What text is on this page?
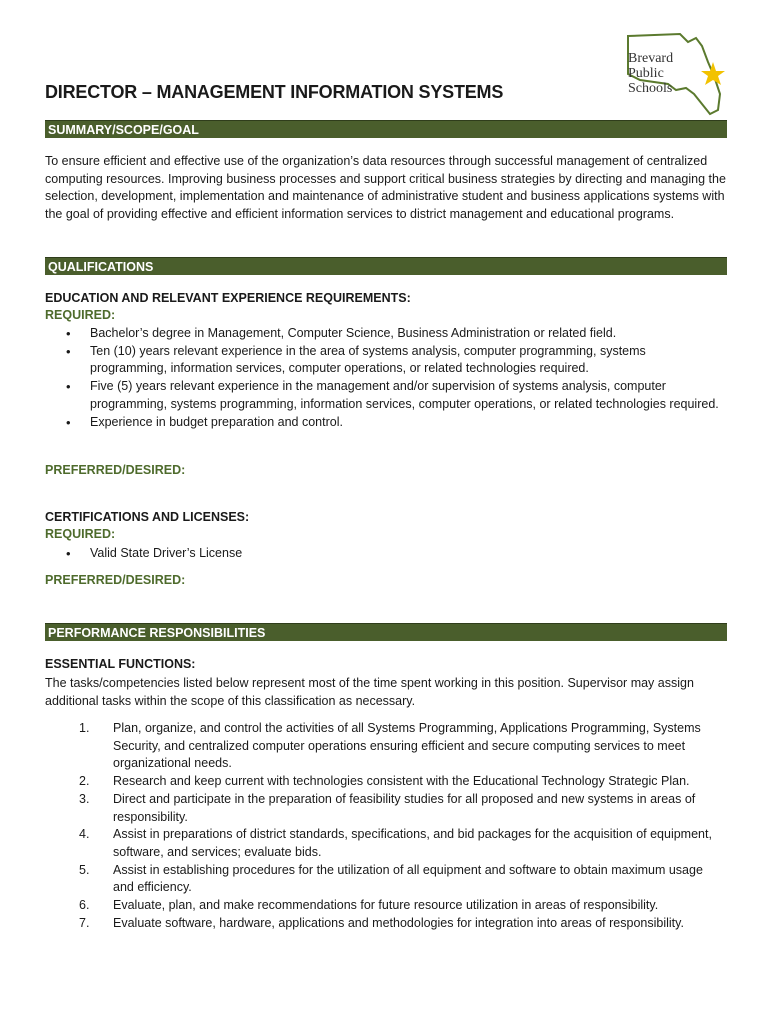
DIRECTOR – MANAGEMENT INFORMATION SYSTEMS
Brevard
Public
Schools
SUMMARY/SCOPE/GOAL
To ensure efficient and effective use of the organization’s data resources through successful management of centralized computing resources. Improving business processes and support critical business strategies by directing and managing the selection, development, implementation and maintenance of administrative student and business applications systems with the goal of providing effective and efficient information services to district management and educational programs.
QUALIFICATIONS
EDUCATION AND RELEVANT EXPERIENCE REQUIREMENTS:
REQUIRED:
• Bachelor’s degree in Management, Computer Science, Business Administration or related field.
• Ten (10) years relevant experience in the area of systems analysis, computer programming, systems programming, information services, computer operations, or related technologies required.
• Five (5) years relevant experience in the management and/or supervision of systems analysis, computer programming, systems programming, information services, computer operations, or related technologies required.
• Experience in budget preparation and control.
PREFERRED/DESIRED:
CERTIFICATIONS AND LICENSES:
REQUIRED:
• Valid State Driver’s License
PREFERRED/DESIRED:
PERFORMANCE RESPONSIBILITIES
ESSENTIAL FUNCTIONS:
The tasks/competencies listed below represent most of the time spent working in this position. Supervisor may assign additional tasks within the scope of this classification as necessary.
1. Plan, organize, and control the activities of all Systems Programming, Applications Programming, Systems Security, and centralized computer operations ensuring efficient and secure computing services to meet organizational needs.
2. Research and keep current with technologies consistent with the Educational Technology Strategic Plan.
3. Direct and participate in the preparation of feasibility studies for all proposed and new systems in areas of responsibility.
4. Assist in preparations of district standards, specifications, and bid packages for the acquisition of equipment, software, and services; evaluate bids.
5. Assist in establishing procedures for the utilization of all equipment and software to obtain maximum usage and efficiency.
6. Evaluate, plan, and make recommendations for future resource utilization in areas of responsibility.
7. Evaluate software, hardware, applications and methodologies for integration into areas of responsibility.
